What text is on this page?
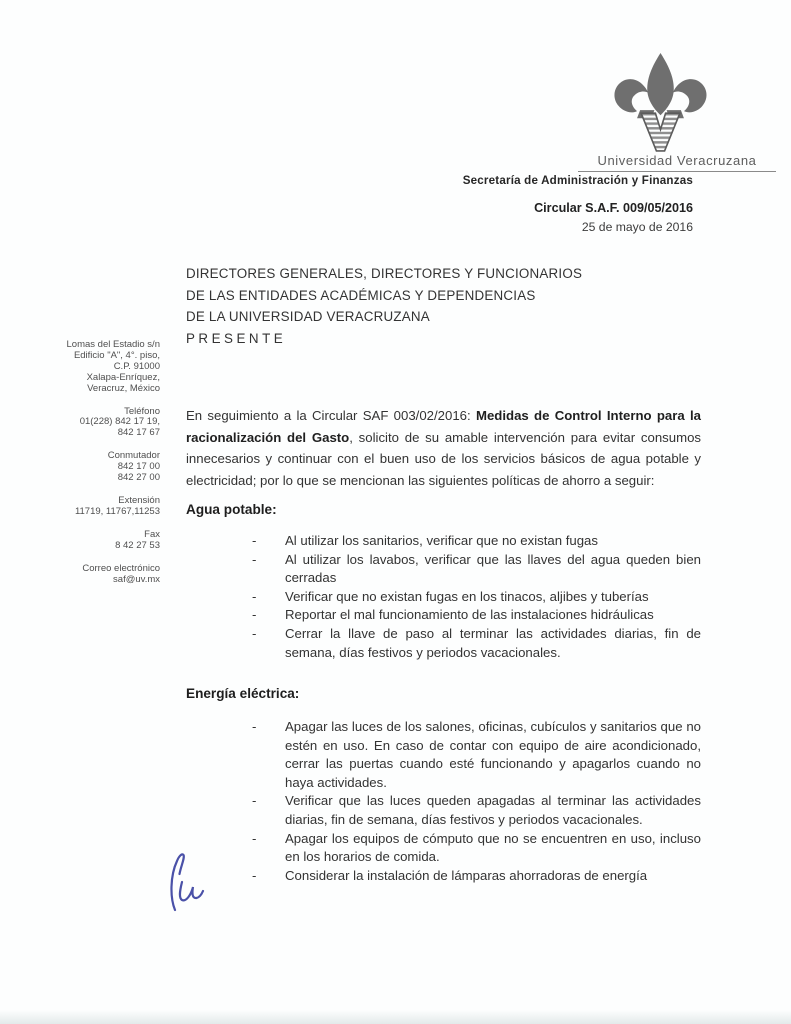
Universidad Veracruzana
Secretaría de Administración y Finanzas
Circular S.A.F. 009/05/2016
25 de mayo de 2016
DIRECTORES GENERALES, DIRECTORES Y FUNCIONARIOS
DE LAS ENTIDADES ACADÉMICAS Y DEPENDENCIAS
DE LA UNIVERSIDAD VERACRUZANA
PRESENTE
Lomas del Estadio s/n
Edificio "A", 4°. piso,
C.P. 91000
Xalapa-Enríquez,
Veracruz, México
Teléfono
01(228) 842 17 19,
842 17 67
Conmutador
842 17 00
842 27 00
Extensión
11719, 11767,11253
Fax
8 42 27 53
Correo electrónico
saf@uv.mx

En seguimiento a la Circular SAF 003/02/2016: Medidas de Control Interno para la racionalización del Gasto, solicito de su amable intervención para evitar consumos innecesarios y continuar con el buen uso de los servicios básicos de agua potable y electricidad; por lo que se mencionan las siguientes políticas de ahorro a seguir:

Agua potable:
- Al utilizar los sanitarios, verificar que no existan fugas
- Al utilizar los lavabos, verificar que las llaves del agua queden bien cerradas
- Verificar que no existan fugas en los tinacos, aljibes y tuberías
- Reportar el mal funcionamiento de las instalaciones hidráulicas
- Cerrar la llave de paso al terminar las actividades diarias, fin de semana, días festivos y periodos vacacionales.
Energía eléctrica:
- Apagar las luces de los salones, oficinas, cubículos y sanitarios que no estén en uso. En caso de contar con equipo de aire acondicionado, cerrar las puertas cuando esté funcionando y apagarlos cuando no haya actividades.
- Verificar que las luces queden apagadas al terminar las actividades diarias, fin de semana, días festivos y periodos vacacionales.
- Apagar los equipos de cómputo que no se encuentren en uso, incluso en los horarios de comida.
- Considerar la instalación de lámparas ahorradoras de energía
